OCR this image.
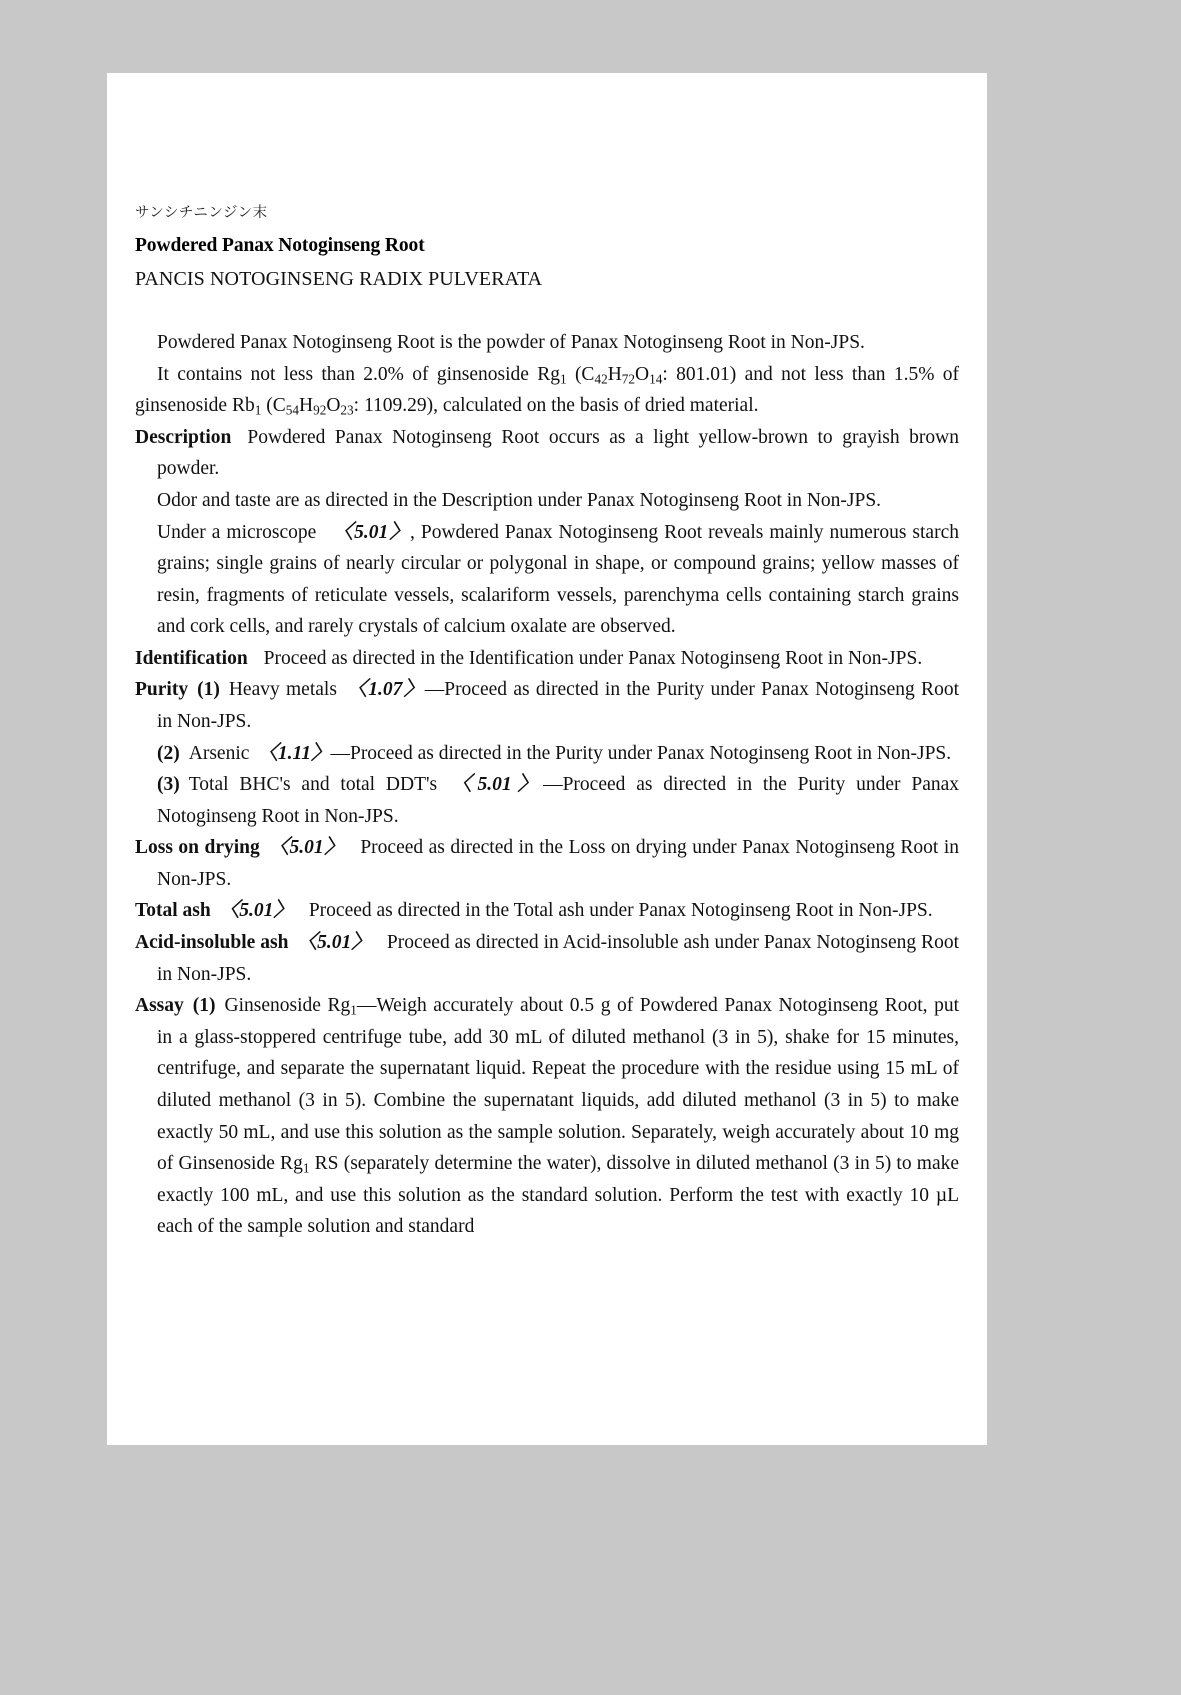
サンシチニンジン末
Powdered Panax Notoginseng Root
PANCIS NOTOGINSENG RADIX PULVERATA

Powdered Panax Notoginseng Root is the powder of Panax Notoginseng Root in Non-JPS.

It contains not less than 2.0% of ginsenoside $Rg_1$ ($C_{42}H_{72}O_{14}$: 801.01) and not less than 1.5% of ginsenoside $Rb_1$ ($C_{54}H_{92}O_{23}$: 1109.29), calculated on the basis of dried material.

Description Powdered Panax Notoginseng Root occurs as a light yellow-brown to grayish brown powder.

Odor and taste are as directed in the Description under Panax Notoginseng Root in Non-JPS.

Under a microscope 〈5.01〉, Powdered Panax Notoginseng Root reveals mainly numerous starch grains; single grains of nearly circular or polygonal in shape, or compound grains; yellow masses of resin, fragments of reticulate vessels, scalariform vessels, parenchyma cells containing starch grains and cork cells, and rarely crystals of calcium oxalate are observed.

Identification Proceed as directed in the Identification under Panax Notoginseng Root in Non-JPS.

Purity (1) Heavy metals 〈1.07〉—Proceed as directed in the Purity under Panax Notoginseng Root in Non-JPS.

(2) Arsenic 〈1.11〉—Proceed as directed in the Purity under Panax Notoginseng Root in Non-JPS.

(3) Total BHC's and total DDT's 〈5.01〉—Proceed as directed in the Purity under Panax Notoginseng Root in Non-JPS.

Loss on drying 〈5.01〉 Proceed as directed in the Loss on drying under Panax Notoginseng Root in Non-JPS.

Total ash 〈5.01〉 Proceed as directed in the Total ash under Panax Notoginseng Root in Non-JPS.

Acid-insoluble ash 〈5.01〉 Proceed as directed in Acid-insoluble ash under Panax Notoginseng Root in Non-JPS.

Assay (1) Ginsenoside $Rg_1—Weigh$ accurately about 0.5 g of Powdered Panax Notoginseng Root, put in a glass-stoppered centrifuge tube, add 30 mL of diluted methanol (3 in 5), shake for 15 minutes, centrifuge, and separate the supernatant liquid. Repeat the procedure with the residue using 15 mL of diluted methanol (3 in 5). Combine the supernatant liquids, add diluted methanol (3 in 5) to make exactly 50 mL, and use this solution as the sample solution. Separately, weigh accurately about 10 mg of Ginsenoside $Rg_1$ RS (separately determine the water), dissolve in diluted methanol (3 in 5) to make exactly 100 mL, and use this solution as the standard solution. Perform the test with exactly 10 µL each of the sample solution and standard
